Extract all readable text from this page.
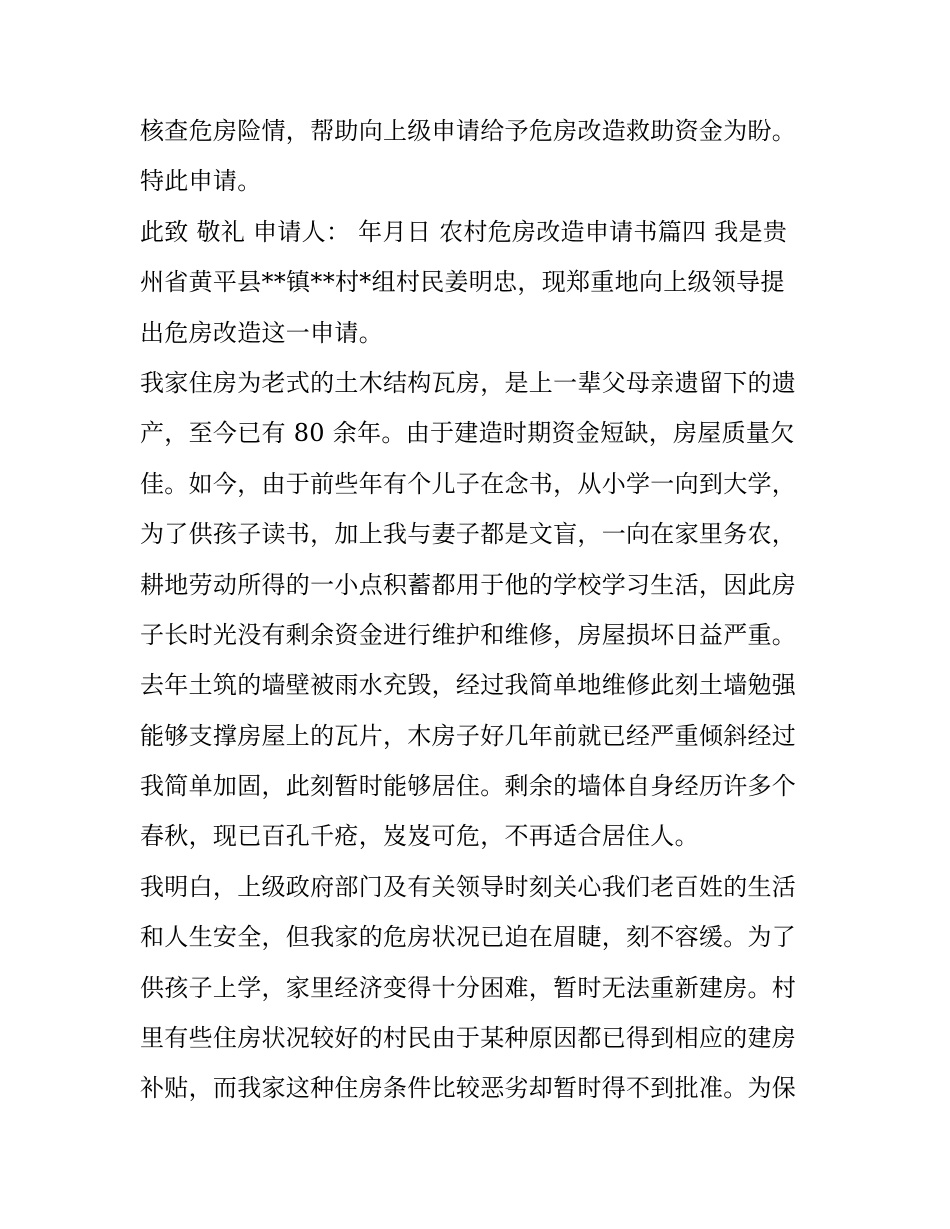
核查危房险情，帮助向上级申请给予危房改造救助资金为盼。
特此申请。
此致 敬礼 申请人： 年月日 农村危房改造申请书篇四 我是贵
州省黄平县**镇**村*组村民姜明忠，现郑重地向上级领导提
出危房改造这一申请。
我家住房为老式的土木结构瓦房，是上一辈父母亲遗留下的遗
产，至今已有 80 余年。由于建造时期资金短缺，房屋质量欠
佳。如今，由于前些年有个儿子在念书，从小学一向到大学，
为了供孩子读书，加上我与妻子都是文盲，一向在家里务农，
耕地劳动所得的一小点积蓄都用于他的学校学习生活，因此房
子长时光没有剩余资金进行维护和维修，房屋损坏日益严重。
去年土筑的墙壁被雨水充毁，经过我简单地维修此刻土墙勉强
能够支撑房屋上的瓦片，木房子好几年前就已经严重倾斜经过
我简单加固，此刻暂时能够居住。剩余的墙体自身经历许多个
春秋，现已百孔千疮，岌岌可危，不再适合居住人。
我明白，上级政府部门及有关领导时刻关心我们老百姓的生活
和人生安全，但我家的危房状况已迫在眉睫，刻不容缓。为了
供孩子上学，家里经济变得十分困难，暂时无法重新建房。村
里有些住房状况较好的村民由于某种原因都已得到相应的建房
补贴，而我家这种住房条件比较恶劣却暂时得不到批准。为保
